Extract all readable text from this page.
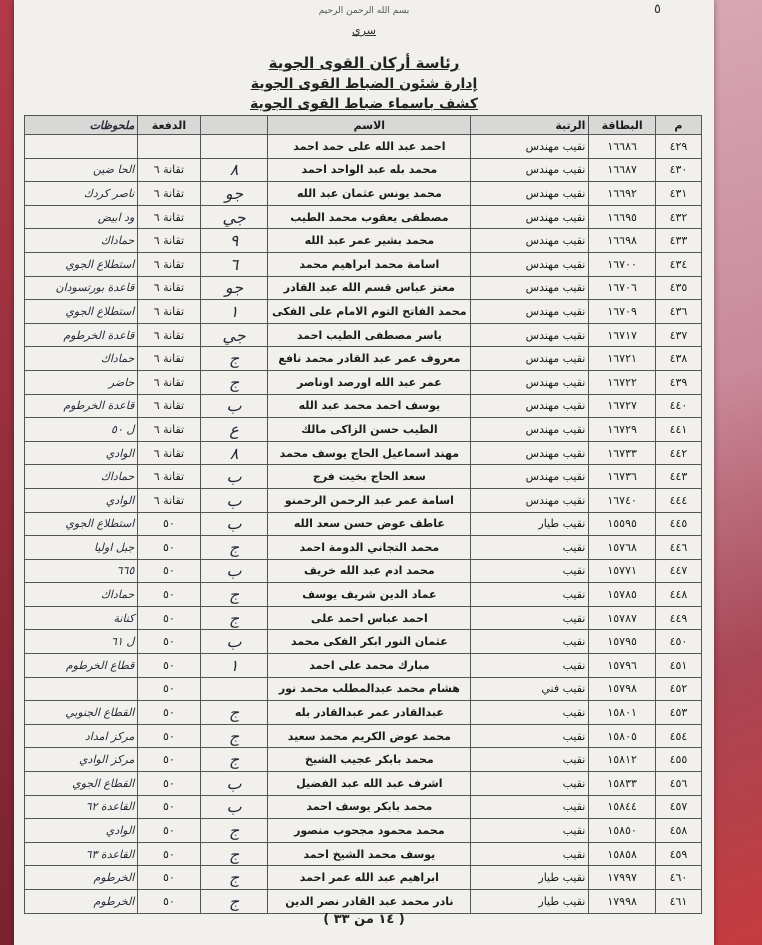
بسم الله الرحمن الرحيم	٥
سري
رئاسة أركان القوى الجوية
إدارة شئون الضباط القوى الجوية
كشف باسماء ضباط القوى الجوية
م	البطاقة	الرتبة	الاسم		الدفعة	ملحوظات
٤٢٩	١٦٦٨٦	نقيب مهندس	احمد عبد الله على حمد احمد			
٤٣٠	١٦٦٨٧	نقيب مهندس	محمد بله عبد الواحد احمد	٨	تقانة ٦	الحا ضين
٤٣١	١٦٦٩٢	نقيب مهندس	محمد يونس عثمان عبد الله	جو	تقانة ٦	ناصر كردك
٤٣٢	١٦٦٩٥	نقيب مهندس	مصطفى يعقوب محمد الطيب	جي	تقانة ٦	ود ابيض
٤٣٣	١٦٦٩٨	نقيب مهندس	محمد بشير عمر عبد الله	٩	تقانة ٦	حماداك
٤٣٤	١٦٧٠٠	نقيب مهندس	اسامة محمد ابراهيم محمد	٦	تقانة ٦	استطلاع الجوي
٤٣٥	١٦٧٠٦	نقيب مهندس	معتز عباس قسم الله عبد القادر	جو	تقانة ٦	قاعدة بورتسودان
٤٣٦	١٦٧٠٩	نقيب مهندس	محمد الفاتح التوم الامام على الفكى	١	تقانة ٦	استطلاع الجوي
٤٣٧	١٦٧١٧	نقيب مهندس	ياسر مصطفى الطيب احمد	جي	تقانة ٦	قاعدة الخرطوم
٤٣٨	١٦٧٢١	نقيب مهندس	معروف عمر عبد القادر محمد نافع	ج	تقانة ٦	حماداك
٤٣٩	١٦٧٢٢	نقيب مهندس	عمر عبد الله اورصد اوناصر	ج	تقانة ٦	حاضر
٤٤٠	١٦٧٢٧	نقيب مهندس	يوسف احمد محمد عبد الله	ب	تقانة ٦	قاعدة الخرطوم
٤٤١	١٦٧٢٩	نقيب مهندس	الطيب حسن الزاكى مالك	ع	تقانة ٦	ل ٥٠
٤٤٢	١٦٧٣٣	نقيب مهندس	مهند اسماعيل الحاج يوسف محمد	٨	تقانة ٦	الوادي
٤٤٣	١٦٧٣٦	نقيب مهندس	سعد الحاج بخيت فرج	ب	تقانة ٦	حماداك
٤٤٤	١٦٧٤٠	نقيب مهندس	اسامة عمر عبد الرحمن الرحمنو	ب	تقانة ٦	الوادي
٤٤٥	١٥٥٩٥	نقيب طيار	عاطف عوض حسن سعد الله	ب	٥٠	استطلاع الجوي
٤٤٦	١٥٧٦٨	نقيب	محمد التجاني الدومة احمد	ج	٥٠	جبل اوليا
٤٤٧	١٥٧٧١	نقيب	محمد ادم عبد الله خريف	ب	٥٠	٦٦٥
٤٤٨	١٥٧٨٥	نقيب	عماد الدين شريف يوسف	ج	٥٠	حماداك
٤٤٩	١٥٧٨٧	نقيب	احمد عباس احمد على	ج	٥٠	كنانة
٤٥٠	١٥٧٩٥	نقيب	عثمان النور ابكر الفكى محمد	ب	٥٠	ل ٦١
٤٥١	١٥٧٩٦	نقيب	مبارك محمد على احمد	١	٥٠	قطاع الخرطوم
٤٥٢	١٥٧٩٨	نقيب فني	هشام محمد عبدالمطلب محمد نور		٥٠	
٤٥٣	١٥٨٠١	نقيب	عبدالقادر عمر عبدالقادر بله	ج	٥٠	القطاع الجنوبي
٤٥٤	١٥٨٠٥	نقيب	محمد عوض الكريم محمد سعيد	ج	٥٠	مركز امداد
٤٥٥	١٥٨١٢	نقيب	محمد بابكر عجيب الشيخ	ج	٥٠	مركز الوادي
٤٥٦	١٥٨٣٣	نقيب	اشرف عبد الله عبد الفضيل	ب	٥٠	القطاع الجوي
٤٥٧	١٥٨٤٤	نقيب	محمد بابكر يوسف احمد	ب	٥٠	القاعدة ٦٢
٤٥٨	١٥٨٥٠	نقيب	محمد محمود مجحوب منصور	ج	٥٠	الوادي
٤٥٩	١٥٨٥٨	نقيب	يوسف محمد الشيخ احمد	ج	٥٠	القاعدة ٦٣
٤٦٠	١٧٩٩٧	نقيب طيار	ابراهيم عبد الله عمر احمد	ج	٥٠	الخرطوم
٤٦١	١٧٩٩٨	نقيب طيار	نادر محمد عبد القادر نصر الدين	ج	٥٠	الخرطوم
( ١٤ من ٣٣ )
